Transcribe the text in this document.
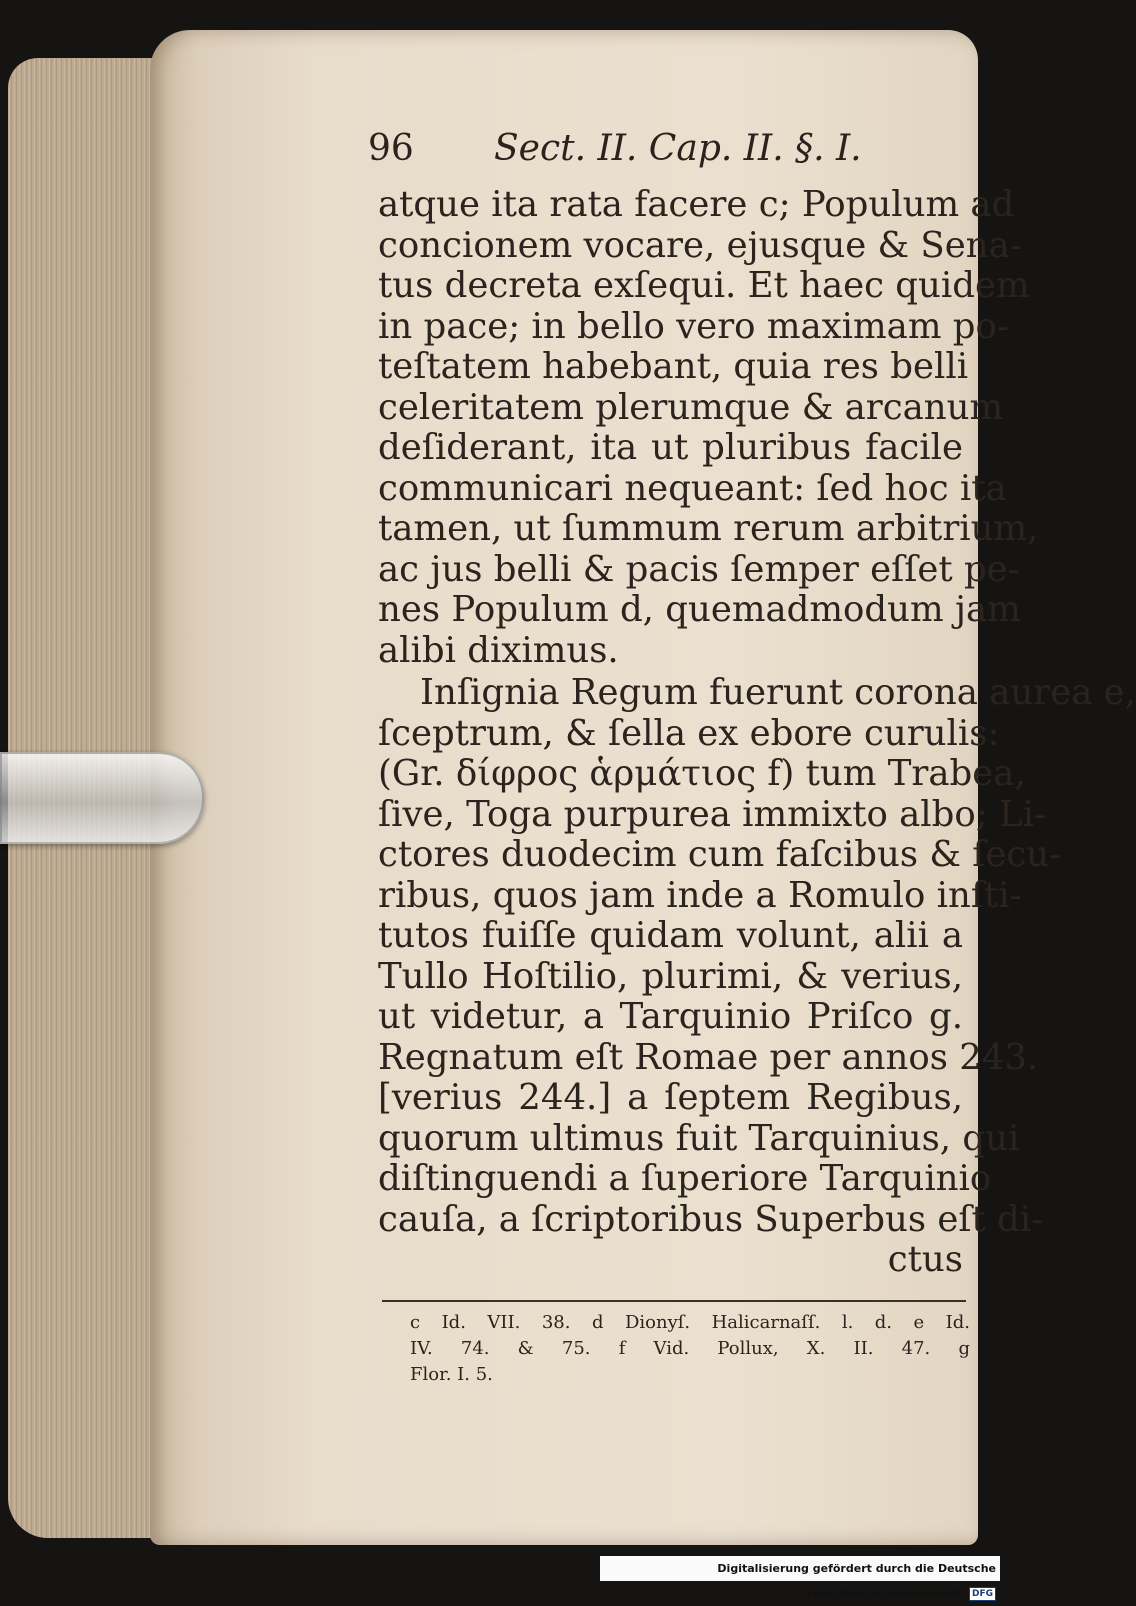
96 Sect. II. Cap. II. §. I.
atque ita rata facere c; Populum ad
concionem vocare, ejusque & Sena-
tus decreta exſequi. Et haec quidem
in pace; in bello vero maximam po-
teſtatem habebant, quia res belli
celeritatem plerumque & arcanum
deſiderant, ita ut pluribus facile
communicari nequeant: ſed hoc ita
tamen, ut ſummum rerum arbitrium,
ac jus belli & pacis ſemper eſſet pe-
nes Populum d, quemadmodum jam
alibi diximus.
Inſignia Regum fuerunt corona aurea e,
ſceptrum, & ſella ex ebore curulis:
(Gr. δίφρος ἁρμάτιος f) tum Trabea,
ſive, Toga purpurea immixto albo; Li-
ctores duodecim cum faſcibus & ſecu-
ribus, quos jam inde a Romulo inſti-
tutos fuiſſe quidam volunt, alii a
Tullo Hoſtilio, plurimi, & verius,
ut videtur, a Tarquinio Priſco g.
Regnatum eſt Romae per annos 243.
[verius 244.] a ſeptem Regibus,
quorum ultimus fuit Tarquinius, qui
diſtinguendi a ſuperiore Tarquinio
cauſa, a ſcriptoribus Superbus eſt di-
ctus
c Id. VII. 38. d Dionyſ. Halicarnaſſ. l. d. e Id.
IV. 74. & 75. f Vid. Pollux, X. II. 47. g
Flor. I. 5.
Digitalisierung gefördert durch die Deutsche Forschungsgemeinschaft DFG
